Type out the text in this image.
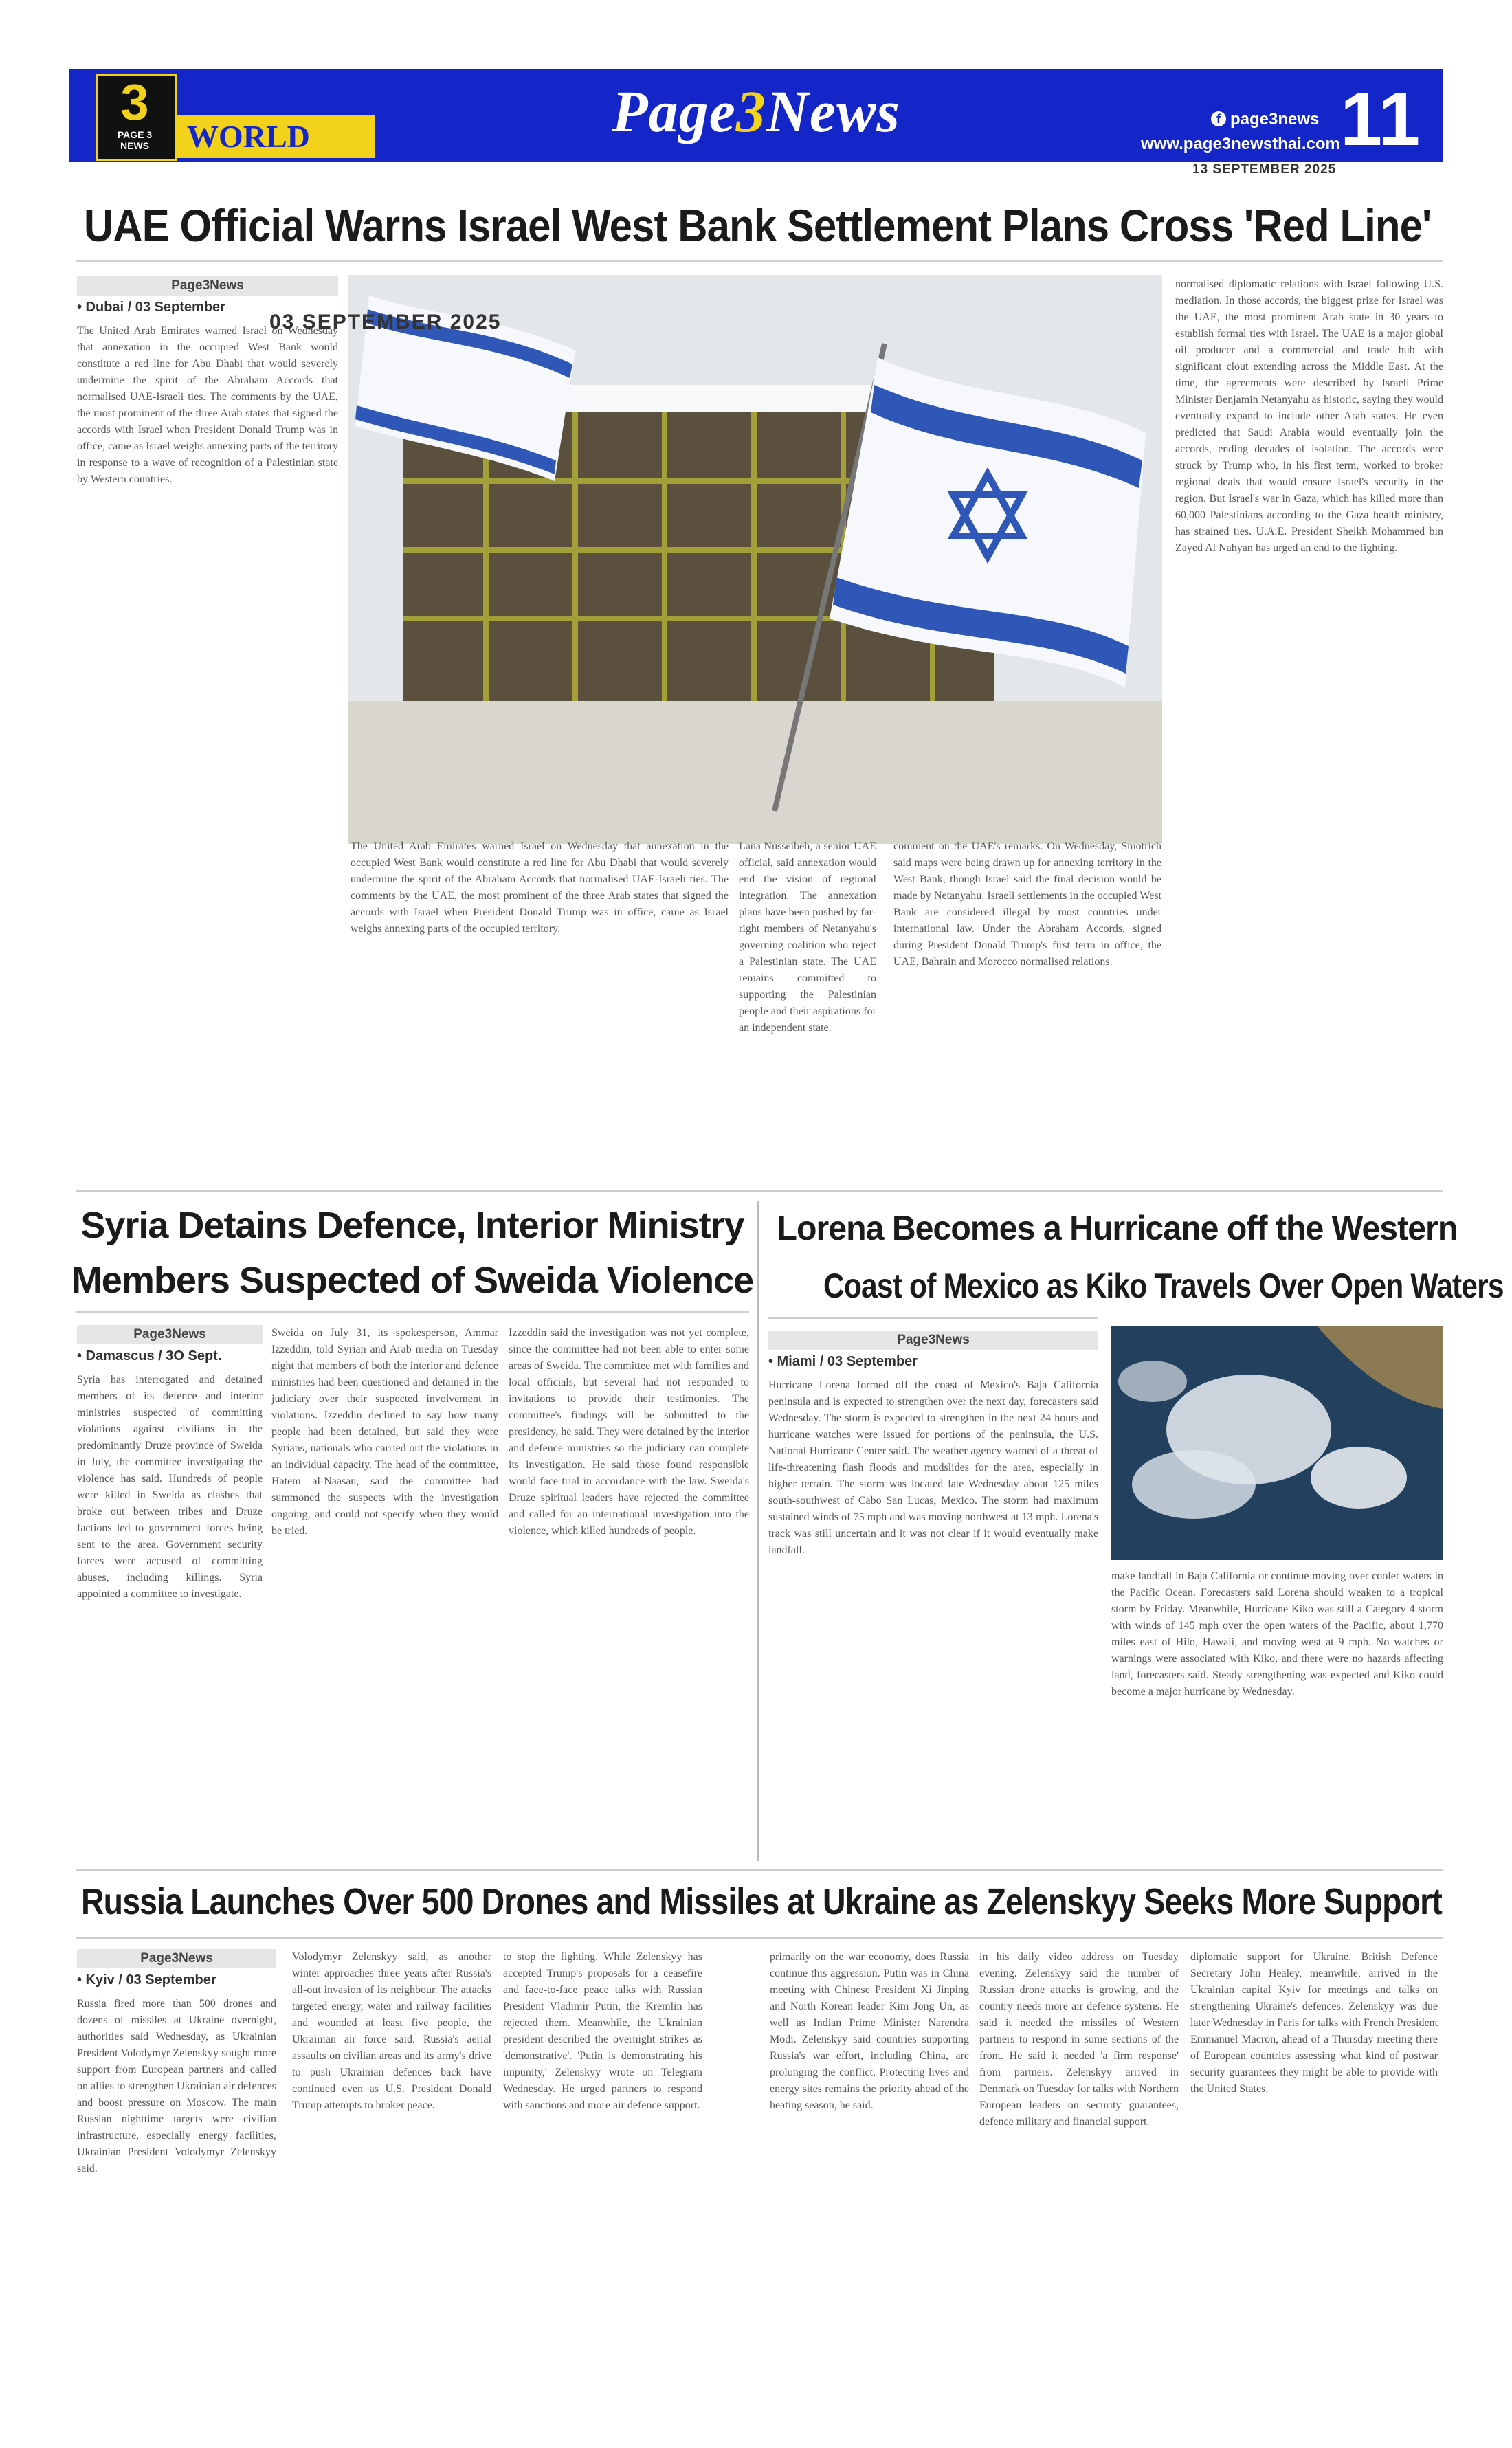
3
PAGE 3 NEWS	WORLD	Page3News	f page3news
www.page3newsthai.com 11
13 SEPTEMBER 2025
UAE Official Warns Israel West Bank Settlement Plans Cross 'Red Line'
Page3News
• Dubai / 03 September
The United Arab Emirates warned Israel on Wednesday that annexation in the occupied West Bank would constitute a red line for Abu Dhabi that would severely undermine the spirit of the Abraham Accords that normalised UAE-Israeli ties. The comments by the UAE, the most prominent of the three Arab states that signed the accords with Israel when President Donald Trump was in office, came as Israel weighs annexing parts of the territory in response to a wave of recognition of a Palestinian state by Western countries.
03 SEPTEMBER 2025
normalised diplomatic relations with Israel following U.S. mediation. In those accords, the biggest prize for Israel was the UAE, the most prominent Arab state in 30 years to establish formal ties with Israel. The UAE is a major global oil producer and a commercial and trade hub with significant clout extending across the Middle East. At the time, the agreements were described by Israeli Prime Minister Benjamin Netanyahu as historic, saying they would eventually expand to include other Arab states. He even predicted that Saudi Arabia would eventually join the accords, ending decades of isolation. The accords were struck by Trump who, in his first term, worked to broker regional deals that would ensure Israel's security in the region. But Israel's war in Gaza, which has killed more than 60,000 Palestinians according to the Gaza health ministry, has strained ties. U.A.E. President Sheikh Mohammed bin Zayed Al Nahyan has urged an end to the fighting.
The United Arab Emirates warned Israel on Wednesday that annexation in the occupied West Bank would constitute a red line for Abu Dhabi that would severely undermine the spirit of the Abraham Accords that normalised UAE-Israeli ties. The comments by the UAE, the most prominent of the three Arab states that signed the accords with Israel when President Donald Trump was in office, came as Israel weighs annexing parts of the occupied territory.
Lana Nusseibeh, a senior UAE official, said annexation would end the vision of regional integration. The annexation plans have been pushed by far-right members of Netanyahu's governing coalition who reject a Palestinian state. The UAE remains committed to supporting the Palestinian people and their aspirations for an independent state.
comment on the UAE's remarks. On Wednesday, Smotrich said maps were being drawn up for annexing territory in the West Bank, though Israel said the final decision would be made by Netanyahu. Israeli settlements in the occupied West Bank are considered illegal by most countries under international law. Under the Abraham Accords, signed during President Donald Trump's first term in office, the UAE, Bahrain and Morocco normalised relations.
Syria Detains Defence, Interior Ministry
Members Suspected of Sweida Violence
Page3News
• Damascus / 3O Sept.
Syria has interrogated and detained members of its defence and interior ministries suspected of committing violations against civilians in the predominantly Druze province of Sweida in July, the committee investigating the violence has said. Hundreds of people were killed in Sweida as clashes that broke out between tribes and Druze factions led to government forces being sent to the area. Government security forces were accused of committing abuses, including killings. Syria appointed a committee to investigate.
Sweida on July 31, its spokesperson, Ammar Izzeddin, told Syrian and Arab media on Tuesday night that members of both the interior and defence ministries had been questioned and detained in the judiciary over their suspected involvement in violations. Izzeddin declined to say how many people had been detained, but said they were Syrians, nationals who carried out the violations in an individual capacity. The head of the committee, Hatem al-Naasan, said the committee had summoned the suspects with the investigation ongoing, and could not specify when they would be tried.
Izzeddin said the investigation was not yet complete, since the committee had not been able to enter some areas of Sweida. The committee met with families and local officials, but several had not responded to invitations to provide their testimonies. The committee's findings will be submitted to the presidency, he said. They were detained by the interior and defence ministries so the judiciary can complete its investigation. He said those found responsible would face trial in accordance with the law. Sweida's Druze spiritual leaders have rejected the committee and called for an international investigation into the violence, which killed hundreds of people.
Lorena Becomes a Hurricane off the Western
Coast of Mexico as Kiko Travels Over Open Waters
Page3News
• Miami / 03 September
Hurricane Lorena formed off the coast of Mexico's Baja California peninsula and is expected to strengthen over the next day, forecasters said Wednesday. The storm is expected to strengthen in the next 24 hours and hurricane watches were issued for portions of the peninsula, the U.S. National Hurricane Center said. The weather agency warned of a threat of life-threatening flash floods and mudslides for the area, especially in higher terrain. The storm was located late Wednesday about 125 miles south-southwest of Cabo San Lucas, Mexico. The storm had maximum sustained winds of 75 mph and was moving northwest at 13 mph. Lorena's track was still uncertain and it was not clear if it would eventually make landfall.
make landfall in Baja California or continue moving over cooler waters in the Pacific Ocean. Forecasters said Lorena should weaken to a tropical storm by Friday. Meanwhile, Hurricane Kiko was still a Category 4 storm with winds of 145 mph over the open waters of the Pacific, about 1,770 miles east of Hilo, Hawaii, and moving west at 9 mph. No watches or warnings were associated with Kiko, and there were no hazards affecting land, forecasters said. Steady strengthening was expected and Kiko could become a major hurricane by Wednesday.
Russia Launches Over 500 Drones and Missiles at Ukraine as Zelenskyy Seeks More Support
Page3News
• Kyiv / 03 September
Russia fired more than 500 drones and dozens of missiles at Ukraine overnight, authorities said Wednesday, as Ukrainian President Volodymyr Zelenskyy sought more support from European partners and called on allies to strengthen Ukrainian air defences and boost pressure on Moscow. The main Russian nighttime targets were civilian infrastructure, especially energy facilities, Ukrainian President Volodymyr Zelenskyy said.
Volodymyr Zelenskyy said, as another winter approaches three years after Russia's all-out invasion of its neighbour. The attacks targeted energy, water and railway facilities and wounded at least five people, the Ukrainian air force said. Russia's aerial assaults on civilian areas and its army's drive to push Ukrainian defences back have continued even as U.S. President Donald Trump attempts to broker peace.
to stop the fighting. While Zelenskyy has accepted Trump's proposals for a ceasefire and face-to-face peace talks with Russian President Vladimir Putin, the Kremlin has rejected them. Meanwhile, the Ukrainian president described the overnight strikes as 'demonstrative'. 'Putin is demonstrating his impunity,' Zelenskyy wrote on Telegram Wednesday. He urged partners to respond with sanctions and more air defence support.
primarily on the war economy, does Russia continue this aggression. Putin was in China meeting with Chinese President Xi Jinping and North Korean leader Kim Jong Un, as well as Indian Prime Minister Narendra Modi. Zelenskyy said countries supporting Russia's war effort, including China, are prolonging the conflict. Protecting lives and energy sites remains the priority ahead of the heating season, he said.
in his daily video address on Tuesday evening. Zelenskyy said the number of Russian drone attacks is growing, and the country needs more air defence systems. He said it needed the missiles of Western partners to respond in some sections of the front. He said it needed 'a firm response' from partners. Zelenskyy arrived in Denmark on Tuesday for talks with Northern European leaders on security guarantees, defence military and financial support.
diplomatic support for Ukraine. British Defence Secretary John Healey, meanwhile, arrived in the Ukrainian capital Kyiv for meetings and talks on strengthening Ukraine's defences. Zelenskyy was due later Wednesday in Paris for talks with French President Emmanuel Macron, ahead of a Thursday meeting there of European countries assessing what kind of postwar security guarantees they might be able to provide with the United States.
